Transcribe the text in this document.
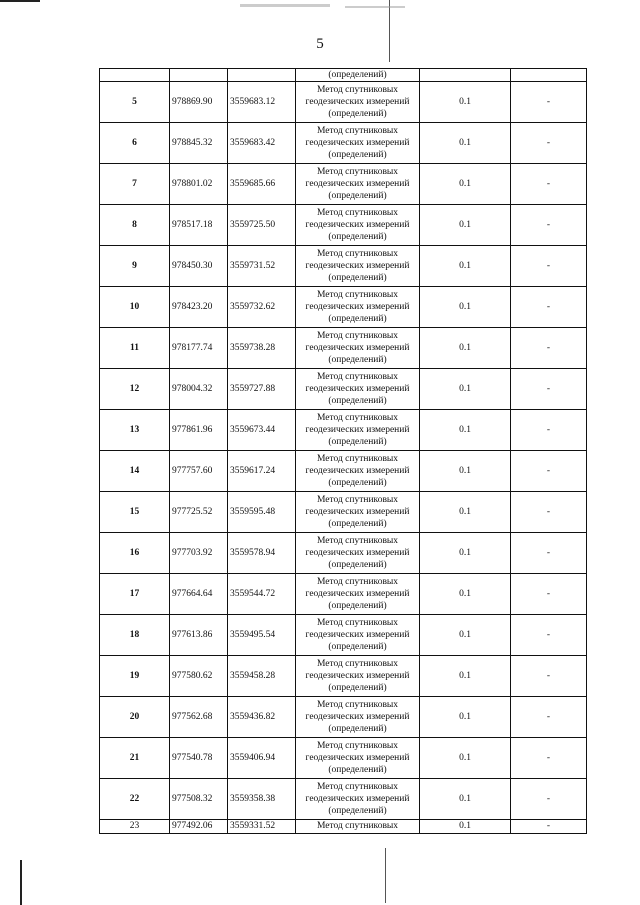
5
			(определений)		
5	978869.90	3559683.12	Метод спутниковых
геодезических измерений
(определений)	0.1	-
6	978845.32	3559683.42	Метод спутниковых
геодезических измерений
(определений)	0.1	-
7	978801.02	3559685.66	Метод спутниковых
геодезических измерений
(определений)	0.1	-
8	978517.18	3559725.50	Метод спутниковых
геодезических измерений
(определений)	0.1	-
9	978450.30	3559731.52	Метод спутниковых
геодезических измерений
(определений)	0.1	-
10	978423.20	3559732.62	Метод спутниковых
геодезических измерений
(определений)	0.1	-
11	978177.74	3559738.28	Метод спутниковых
геодезических измерений
(определений)	0.1	-
12	978004.32	3559727.88	Метод спутниковых
геодезических измерений
(определений)	0.1	-
13	977861.96	3559673.44	Метод спутниковых
геодезических измерений
(определений)	0.1	-
14	977757.60	3559617.24	Метод спутниковых
геодезических измерений
(определений)	0.1	-
15	977725.52	3559595.48	Метод спутниковых
геодезических измерений
(определений)	0.1	-
16	977703.92	3559578.94	Метод спутниковых
геодезических измерений
(определений)	0.1	-
17	977664.64	3559544.72	Метод спутниковых
геодезических измерений
(определений)	0.1	-
18	977613.86	3559495.54	Метод спутниковых
геодезических измерений
(определений)	0.1	-
19	977580.62	3559458.28	Метод спутниковых
геодезических измерений
(определений)	0.1	-
20	977562.68	3559436.82	Метод спутниковых
геодезических измерений
(определений)	0.1	-
21	977540.78	3559406.94	Метод спутниковых
геодезических измерений
(определений)	0.1	-
22	977508.32	3559358.38	Метод спутниковых
геодезических измерений
(определений)	0.1	-
23	977492.06	3559331.52	Метод спутниковых	0.1	-
